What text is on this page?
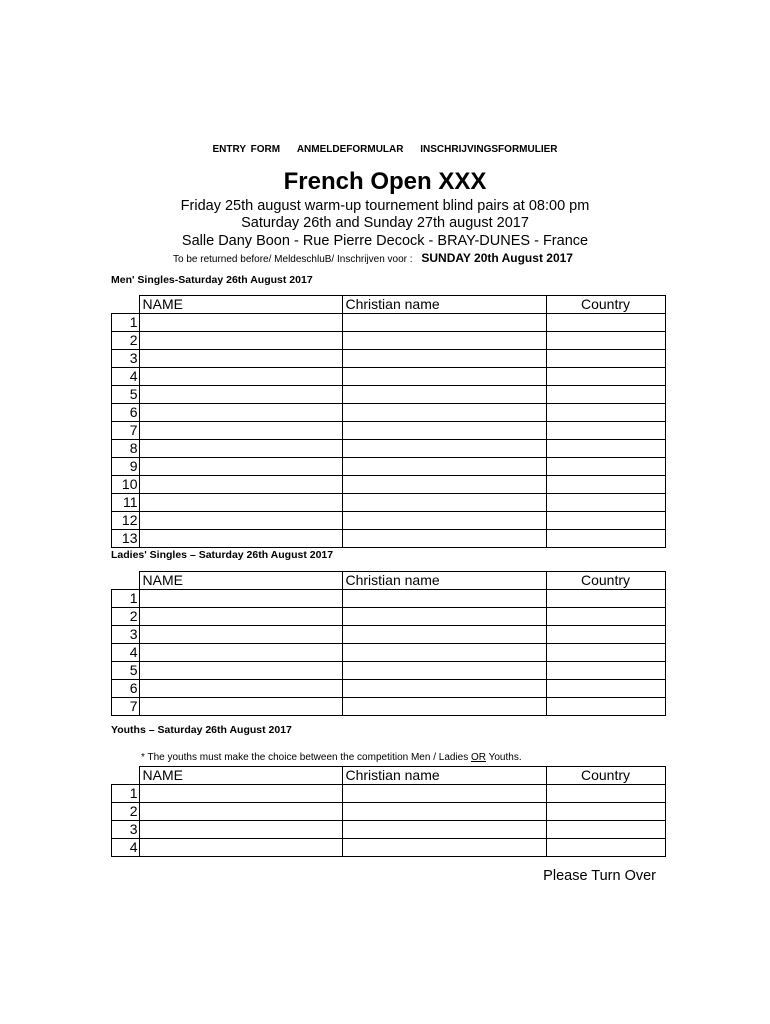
ENTRY FORM ANMELDEFORMULAR INSCHRIJVINGSFORMULIER
French Open XXX
Friday 25th august warm-up tournement blind pairs at 08:00 pm
Saturday 26th and Sunday 27th august 2017
Salle Dany Boon - Rue Pierre Decock - BRAY-DUNES - France
To be returned before/ MeldeschluB/ Inschrijven voor : SUNDAY 20th August 2017
Men' Singles-Saturday 26th August 2017
	NAME	Christian name	Country
1			
2			
3			
4			
5			
6			
7			
8			
9			
10			
11			
12			
13			
Ladies' Singles – Saturday 26th August 2017
	NAME	Christian name	Country
1			
2			
3			
4			
5			
6			
7			
Youths – Saturday 26th August 2017
* The youths must make the choice between the competition Men / Ladies OR Youths.
	NAME	Christian name	Country
1			
2			
3			
4			
Please Turn Over
